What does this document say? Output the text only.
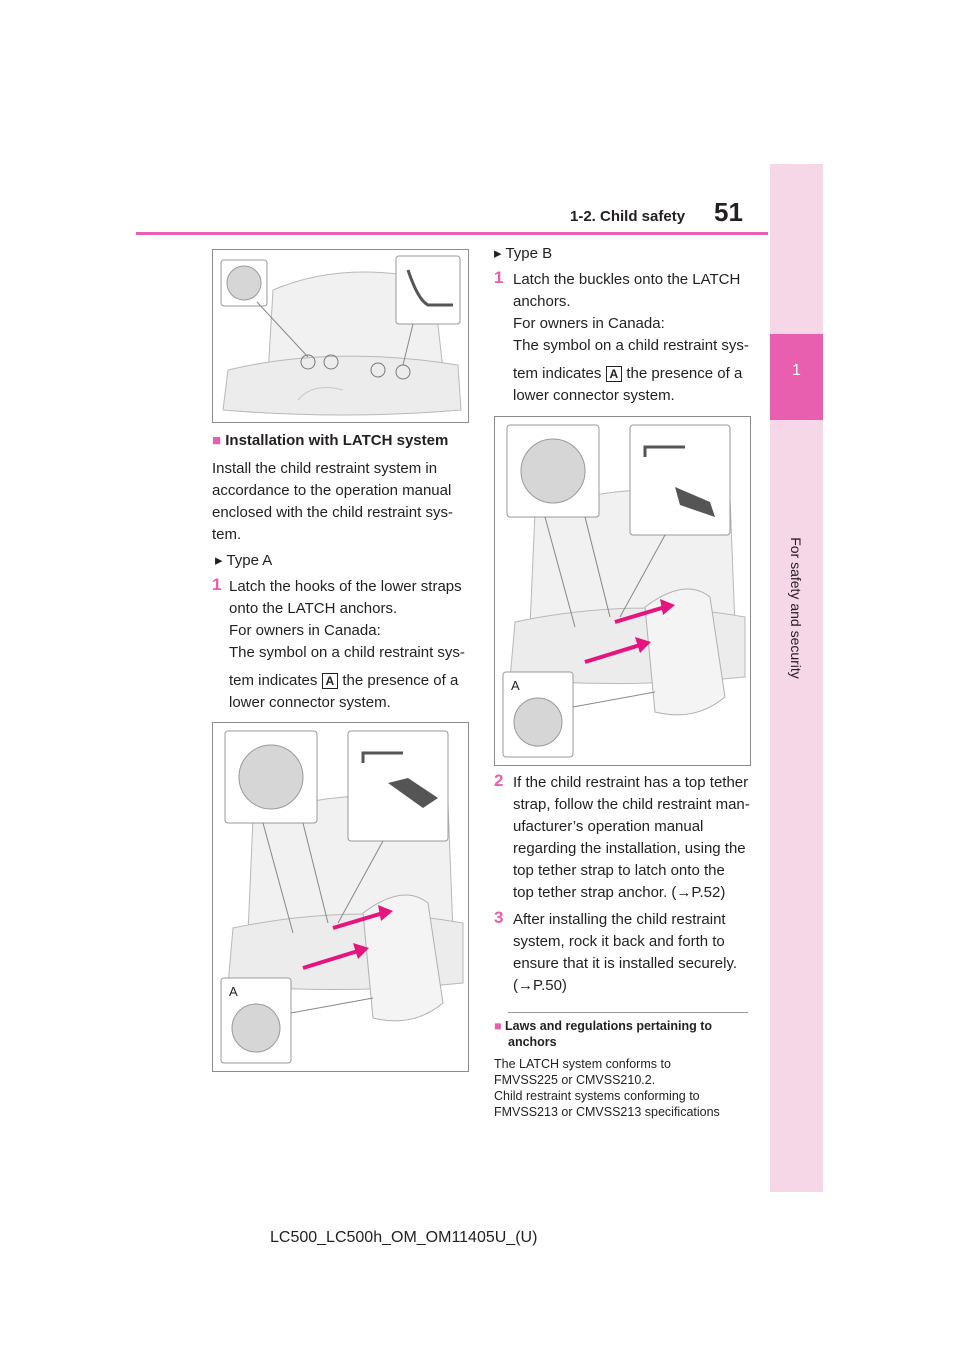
1-2. Child safety 51
1
For safety and security
■ Installation with LATCH system
Install the child restraint system in
accordance to the operation manual
enclosed with the child restraint sys-
tem.
▸ Type A
1 Latch the hooks of the lower straps
onto the LATCH anchors.
For owners in Canada:
The symbol on a child restraint sys-
tem indicates A the presence of a
lower connector system.
A
▸ Type B
1 Latch the buckles onto the LATCH
anchors.
For owners in Canada:
The symbol on a child restraint sys-
tem indicates A the presence of a
lower connector system.
A
2 If the child restraint has a top tether
strap, follow the child restraint man-
ufacturer’s operation manual
regarding the installation, using the
top tether strap to latch onto the
top tether strap anchor. (→P.52)
3 After installing the child restraint
system, rock it back and forth to
ensure that it is installed securely.
(→P.50)
■ Laws and regulations pertaining to
anchors
The LATCH system conforms to
FMVSS225 or CMVSS210.2.
Child restraint systems conforming to
FMVSS213 or CMVSS213 specifications
LC500_LC500h_OM_OM11405U_(U)
